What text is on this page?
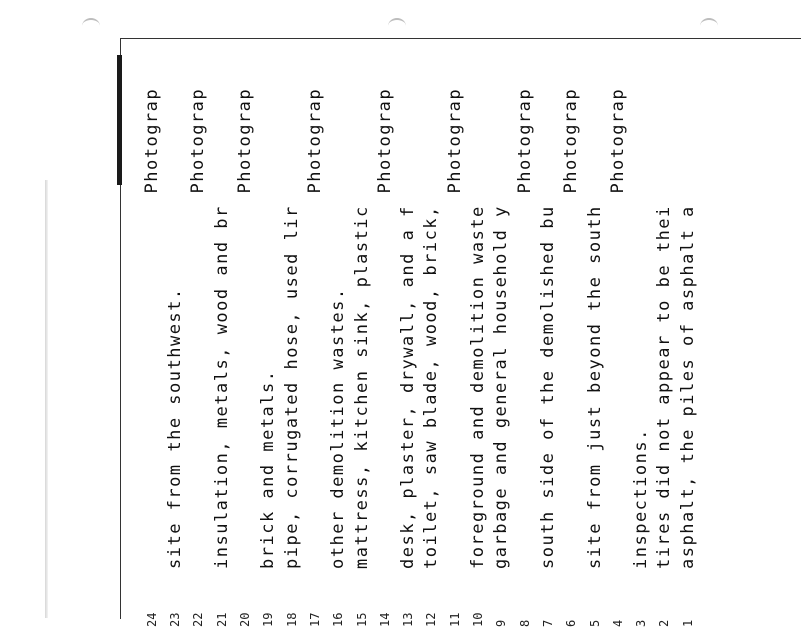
1asphalt, the piles of asphalt a
2tires did not appear to be thei
3inspections.
4                                Photograp
5site from just beyond the south
6                                Photograp
7south side of the demolished bu
8                                Photograp
9garbage and general household y
10foreground and demolition waste
11                                Photograp
12toilet, saw blade, wood, brick,
13desk, plaster, drywall, and a f
14                                Photograp
15mattress, kitchen sink, plastic
16other demolition wastes.
17                                Photograp
18pipe, corrugated hose, used lir
19brick and metals.
20                                Photograp
21insulation, metals, wood and br
22                                Photograp
23site from the southwest.
24                                Photograp
